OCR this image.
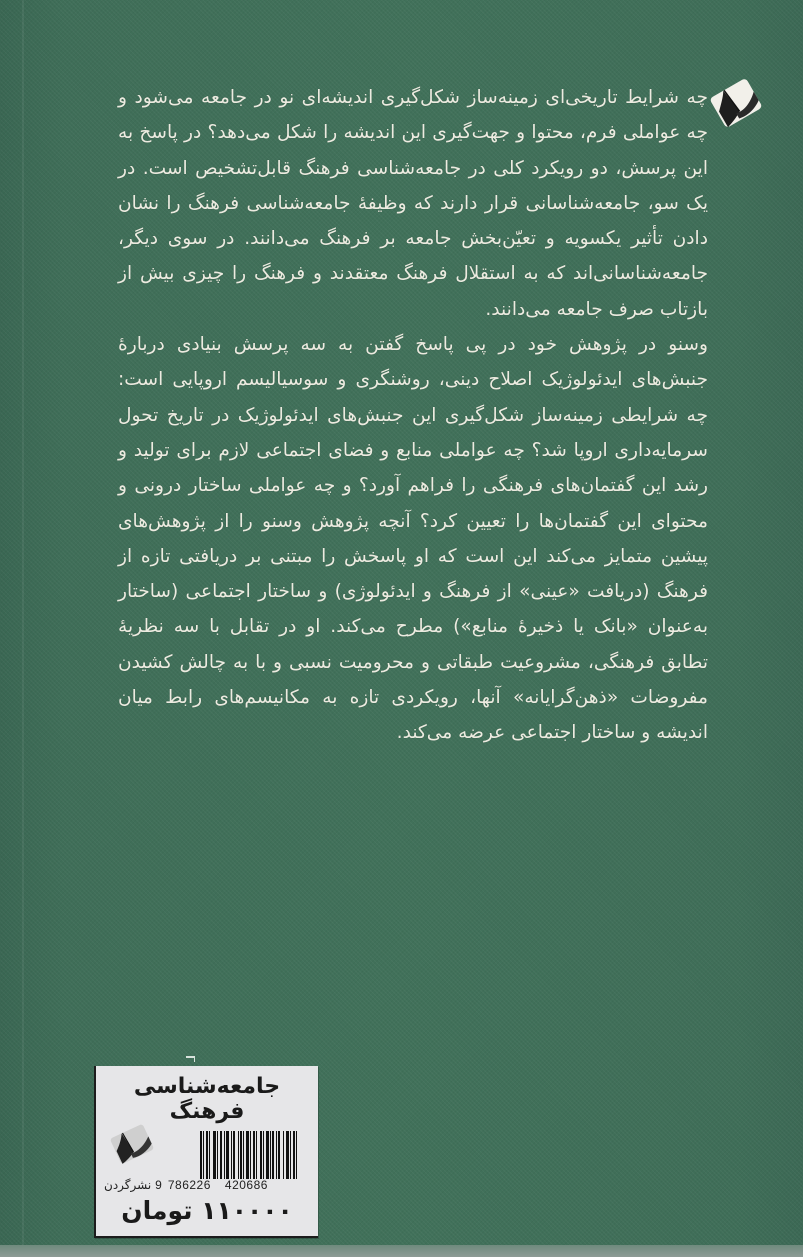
چه شرایط تاریخی‌ای زمینه‌ساز شکل‌گیری اندیشه‌ای نو در جامعه می‌شود و چه عواملی فرم، محتوا و جهت‌گیری این اندیشه را شکل می‌دهد؟ در پاسخ به این پرسش، دو رویکرد کلی در جامعه‌شناسی فرهنگ قابل‌تشخیص است. در یک سو، جامعه‌شناسانی قرار دارند که وظیفهٔ جامعه‌شناسی فرهنگ را نشان دادن تأثیر یکسویه و تعیّن‌بخش جامعه بر فرهنگ می‌دانند. در سوی دیگر، جامعه‌شناسانی‌اند که به استقلال فرهنگ معتقدند و فرهنگ را چیزی بیش از بازتاب صرف جامعه می‌دانند.

وسنو در پژوهش خود در پی پاسخ گفتن به سه پرسش بنیادی دربارهٔ جنبش‌های ایدئولوژیک اصلاح دینی، روشنگری و سوسیالیسم اروپایی است: چه شرایطی زمینه‌ساز شکل‌گیری این جنبش‌های ایدئولوژیک در تاریخ تحول سرمایه‌داری اروپا شد؟ چه عواملی منابع و فضای اجتماعی لازم برای تولید و رشد این گفتمان‌های فرهنگی را فراهم آورد؟ و چه عواملی ساختار درونی و محتوای این گفتمان‌ها را تعیین کرد؟ آنچه پژوهش وسنو را از پژوهش‌های پیشین متمایز می‌کند این است که او پاسخش را مبتنی بر دریافتی تازه از فرهنگ (دریافت «عینی» از فرهنگ و ایدئولوژی) و ساختار اجتماعی (ساختار به‌عنوان «بانک یا ذخیرهٔ منابع») مطرح می‌کند. او در تقابل با سه نظریهٔ تطابق فرهنگی، مشروعیت طبقاتی و محرومیت نسبی و با به چالش کشیدن مفروضات «ذهن‌گرایانه» آنها، رویکردی تازه به مکانیسم‌های رابط میان اندیشه و ساختار اجتماعی عرضه می‌کند.

جامعه‌شناسی فرهنگ
نشرگردن 9 786226 420686
۱۱۰۰۰۰ تومان
